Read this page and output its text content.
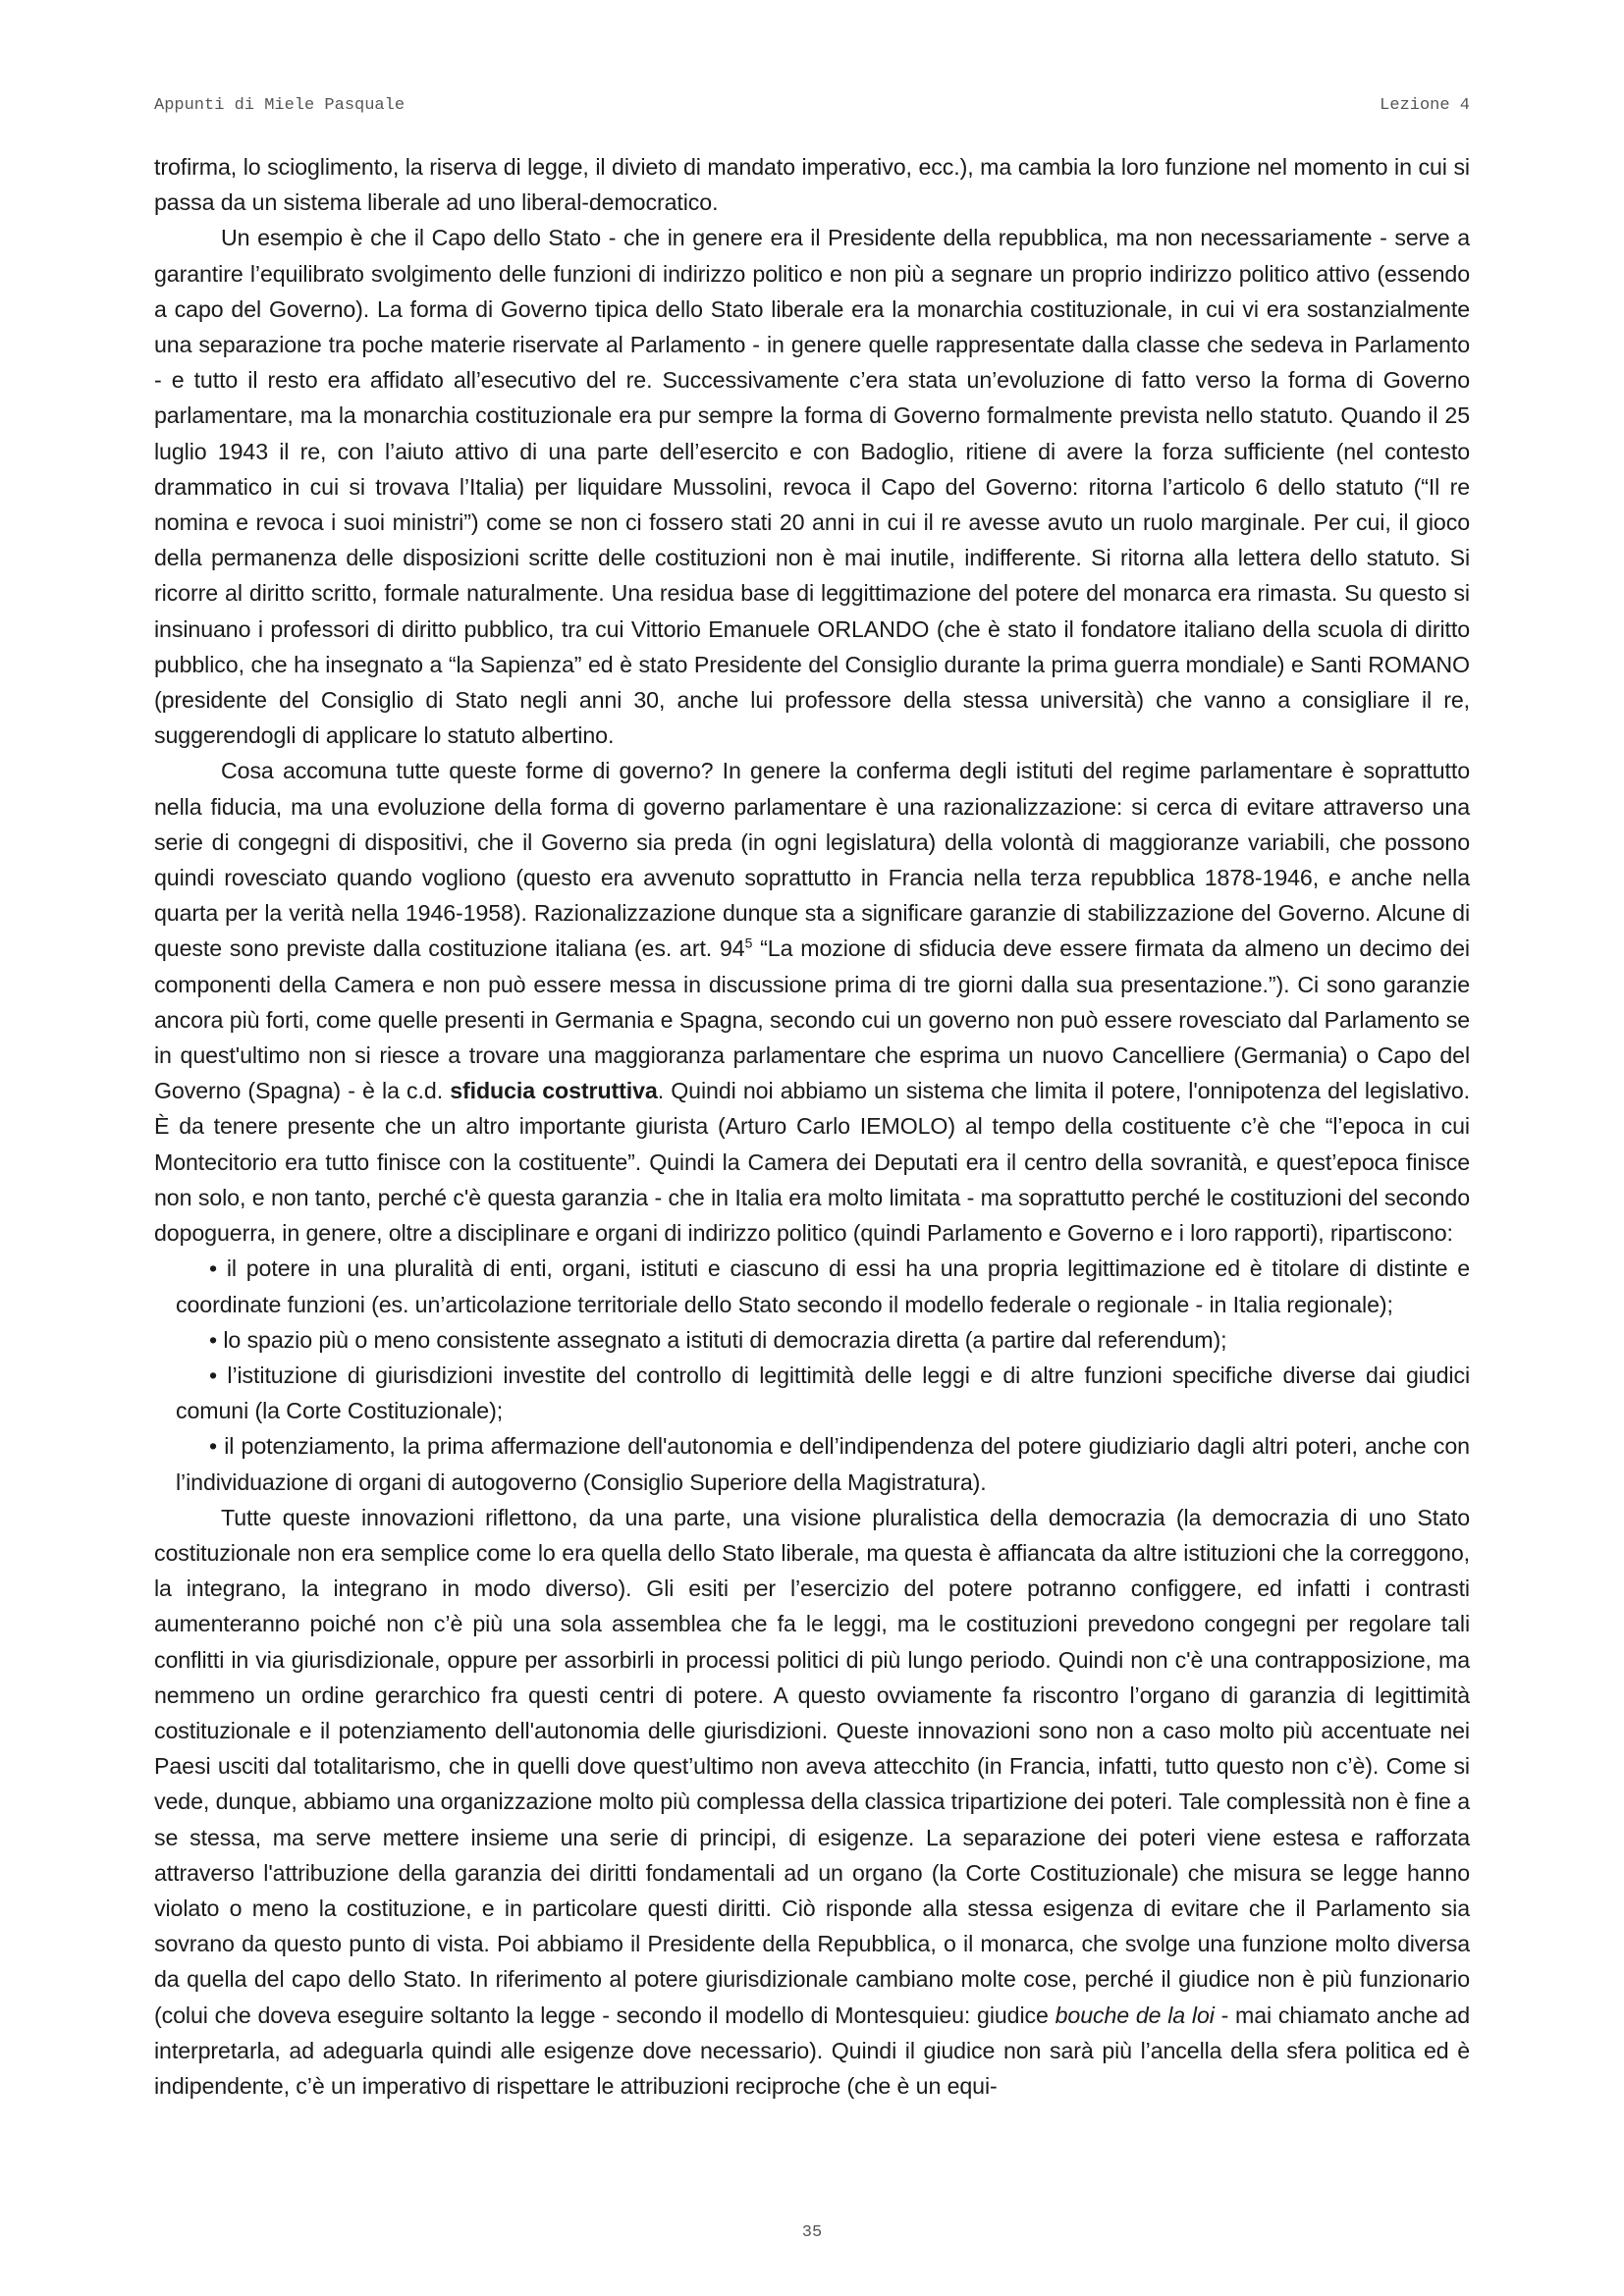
Appunti di Miele Pasquale	Lezione 4

trofirma, lo scioglimento, la riserva di legge, il divieto di mandato imperativo, ecc.), ma cambia la loro funzione nel momento in cui si passa da un sistema liberale ad uno liberal-democratico.

Un esempio è che il Capo dello Stato - che in genere era il Presidente della repubblica, ma non necessariamente - serve a garantire l’equilibrato svolgimento delle funzioni di indirizzo politico e non più a segnare un proprio indirizzo politico attivo (essendo a capo del Governo). La forma di Governo tipica dello Stato liberale era la monarchia costituzionale, in cui vi era sostanzialmente una separazione tra poche materie riservate al Parlamento - in genere quelle rappresentate dalla classe che sedeva in Parlamento - e tutto il resto era affidato all’esecutivo del re. Successivamente c’era stata un’evoluzione di fatto verso la forma di Governo parlamentare, ma la monarchia costituzionale era pur sempre la forma di Governo formalmente prevista nello statuto. Quando il 25 luglio 1943 il re, con l’aiuto attivo di una parte dell’esercito e con Badoglio, ritiene di avere la forza sufficiente (nel contesto drammatico in cui si trovava l’Italia) per liquidare Mussolini, revoca il Capo del Governo: ritorna l’articolo 6 dello statuto (“Il re nomina e revoca i suoi ministri”) come se non ci fossero stati 20 anni in cui il re avesse avuto un ruolo marginale. Per cui, il gioco della permanenza delle disposizioni scritte delle costituzioni non è mai inutile, indifferente. Si ritorna alla lettera dello statuto. Si ricorre al diritto scritto, formale naturalmente. Una residua base di leggittimazione del potere del monarca era rimasta. Su questo si insinuano i professori di diritto pubblico, tra cui Vittorio Emanuele ORLANDO (che è stato il fondatore italiano della scuola di diritto pubblico, che ha insegnato a “la Sapienza” ed è stato Presidente del Consiglio durante la prima guerra mondiale) e Santi ROMANO (presidente del Consiglio di Stato negli anni 30, anche lui professore della stessa università) che vanno a consigliare il re, suggerendogli di applicare lo statuto albertino.

Cosa accomuna tutte queste forme di governo? In genere la conferma degli istituti del regime parlamentare è soprattutto nella fiducia, ma una evoluzione della forma di governo parlamentare è una razionalizzazione: si cerca di evitare attraverso una serie di congegni di dispositivi, che il Governo sia preda (in ogni legislatura) della volontà di maggioranze variabili, che possono quindi rovesciato quando vogliono (questo era avvenuto soprattutto in Francia nella terza repubblica 1878-1946, e anche nella quarta per la verità nella 1946-1958). Razionalizzazione dunque sta a significare garanzie di stabilizzazione del Governo. Alcune di queste sono previste dalla costituzione italiana (es. art. 94$^5$ “La mozione di sfiducia deve essere firmata da almeno un decimo dei componenti della Camera e non può essere messa in discussione prima di tre giorni dalla sua presentazione.”). Ci sono garanzie ancora più forti, come quelle presenti in Germania e Spagna, secondo cui un governo non può essere rovesciato dal Parlamento se in quest'ultimo non si riesce a trovare una maggioranza parlamentare che esprima un nuovo Cancelliere (Germania) o Capo del Governo (Spagna) - è la c.d. sfiducia costruttiva. Quindi noi abbiamo un sistema che limita il potere, l'onnipotenza del legislativo. È da tenere presente che un altro importante giurista (Arturo Carlo IEMOLO) al tempo della costituente c’è che “l’epoca in cui Montecitorio era tutto finisce con la costituente”. Quindi la Camera dei Deputati era il centro della sovranità, e quest’epoca finisce non solo, e non tanto, perché c'è questa garanzia - che in Italia era molto limitata - ma soprattutto perché le costituzioni del secondo dopoguerra, in genere, oltre a disciplinare e organi di indirizzo politico (quindi Parlamento e Governo e i loro rapporti), ripartiscono:

• il potere in una pluralità di enti, organi, istituti e ciascuno di essi ha una propria legittimazione ed è titolare di distinte e coordinate funzioni (es. un’articolazione territoriale dello Stato secondo il modello federale o regionale - in Italia regionale);
• lo spazio più o meno consistente assegnato a istituti di democrazia diretta (a partire dal referendum);
• l’istituzione di giurisdizioni investite del controllo di legittimità delle leggi e di altre funzioni specifiche diverse dai giudici comuni (la Corte Costituzionale);
• il potenziamento, la prima affermazione dell'autonomia e dell’indipendenza del potere giudiziario dagli altri poteri, anche con l’individuazione di organi di autogoverno (Consiglio Superiore della Magistratura).

Tutte queste innovazioni riflettono, da una parte, una visione pluralistica della democrazia (la democrazia di uno Stato costituzionale non era semplice come lo era quella dello Stato liberale, ma questa è affiancata da altre istituzioni che la correggono, la integrano, la integrano in modo diverso). Gli esiti per l’esercizio del potere potranno configgere, ed infatti i contrasti aumenteranno poiché non c’è più una sola assemblea che fa le leggi, ma le costituzioni prevedono congegni per regolare tali conflitti in via giurisdizionale, oppure per assorbirli in processi politici di più lungo periodo. Quindi non c'è una contrapposizione, ma nemmeno un ordine gerarchico fra questi centri di potere. A questo ovviamente fa riscontro l’organo di garanzia di legittimità costituzionale e il potenziamento dell'autonomia delle giurisdizioni. Queste innovazioni sono non a caso molto più accentuate nei Paesi usciti dal totalitarismo, che in quelli dove quest’ultimo non aveva attecchito (in Francia, infatti, tutto questo non c’è). Come si vede, dunque, abbiamo una organizzazione molto più complessa della classica tripartizione dei poteri. Tale complessità non è fine a se stessa, ma serve mettere insieme una serie di principi, di esigenze. La separazione dei poteri viene estesa e rafforzata attraverso l'attribuzione della garanzia dei diritti fondamentali ad un organo (la Corte Costituzionale) che misura se legge hanno violato o meno la costituzione, e in particolare questi diritti. Ciò risponde alla stessa esigenza di evitare che il Parlamento sia sovrano da questo punto di vista. Poi abbiamo il Presidente della Repubblica, o il monarca, che svolge una funzione molto diversa da quella del capo dello Stato. In riferimento al potere giurisdizionale cambiano molte cose, perché il giudice non è più funzionario (colui che doveva eseguire soltanto la legge - secondo il modello di Montesquieu: giudice bouche de la loi - mai chiamato anche ad interpretarla, ad adeguarla quindi alle esigenze dove necessario). Quindi il giudice non sarà più l’ancella della sfera politica ed è indipendente, c’è un imperativo di rispettare le attribuzioni reciproche (che è un equi-

35
